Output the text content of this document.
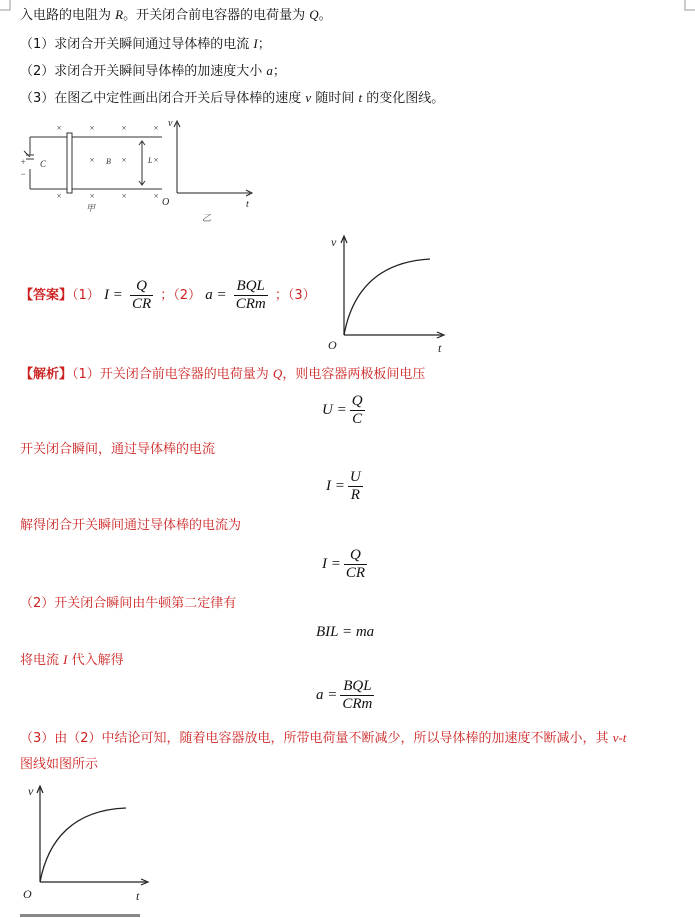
入电路的电阻为 R。开关闭合前电容器的电荷量为 Q。
（1）求闭合开关瞬间通过导体棒的电流 I；
（2）求闭合开关瞬间导体棒的加速度大小 a；
（3）在图乙中定性画出闭合开关后导体棒的速度 v 随时间 t 的变化图线。
+
−
C	B	L
×	×	×	×
×	×	×
×	×	×	×
甲
v
t
O
乙
【答案】（1） $I = \frac{Q}{CR}$ ；（2） $a = \frac{\text{BQL}}{\text{CRm}}$ ；（3）
v
t
O
【解析】（1）开关闭合前电容器的电荷量为 Q，则电容器两极板间电压
$U = \frac{Q}{C}$
开关闭合瞬间，通过导体棒的电流
$I = \frac{U}{R}$
解得闭合开关瞬间通过导体棒的电流为
$I = \frac{Q}{CR}$
（2）开关闭合瞬间由牛顿第二定律有
BIL = ma
将电流 I 代入解得
$a = \frac{\text{BQL}}{\text{CRm}}$
（3）由（2）中结论可知，随着电容器放电，所带电荷量不断减少，所以导体棒的加速度不断减小，其 v-t
图线如图所示
v
t
O
